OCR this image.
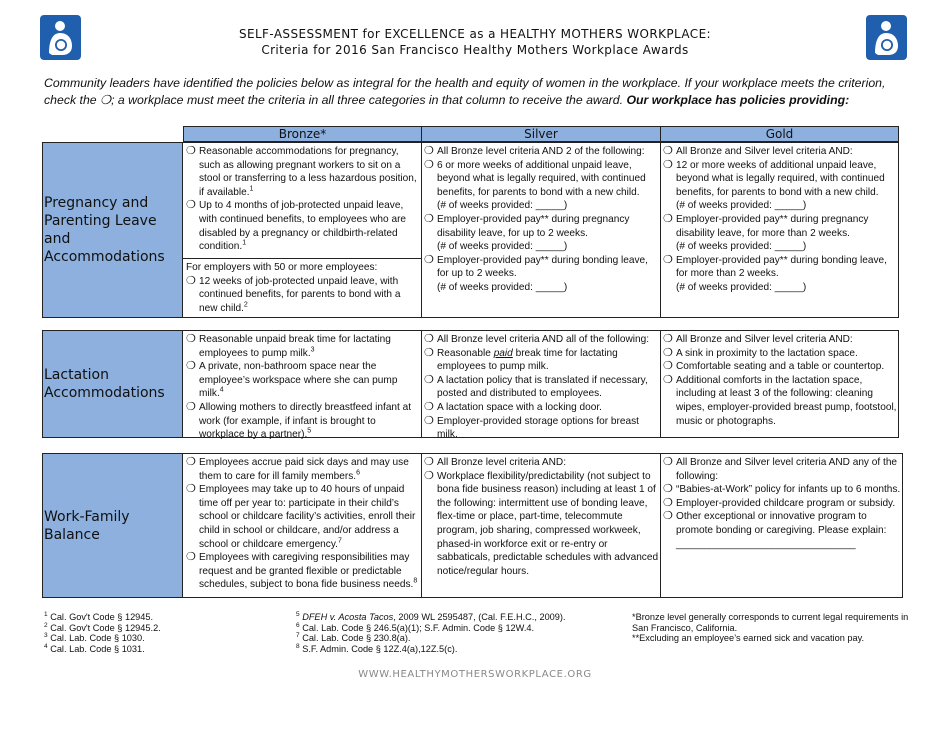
SELF-ASSESSMENT for EXCELLENCE as a HEALTHY MOTHERS WORKPLACE:
Criteria for 2016 San Francisco Healthy Mothers Workplace Awards
Community leaders have identified the policies below as integral for the health and equity of women in the workplace. If your workplace meets the criterion, check the ❍; a workplace must meet the criteria in all three categories in that column to receive the award. Our workplace has policies providing:
Bronze*	Silver	Gold
Pregnancy and Parenting Leave and Accommodations
❍ Reasonable accommodations for pregnancy, such as allowing pregnant workers to sit on a stool or transferring to a less hazardous position, if available.$^1$
❍ Up to 4 months of job-protected unpaid leave, with continued benefits, to employees who are disabled by a pregnancy or childbirth-related condition.$^1$
For employers with 50 or more employees:
❍ 12 weeks of job-protected unpaid leave, with continued benefits, for parents to bond with a new child.$^2$
❍ All Bronze level criteria AND 2 of the following:
❍ 6 or more weeks of additional unpaid leave, beyond what is legally required, with continued benefits, for parents to bond with a new child.
(# of weeks provided: _____)
❍ Employer-provided pay** during pregnancy disability leave, for up to 2 weeks.
(# of weeks provided: _____)
❍ Employer-provided pay** during bonding leave, for up to 2 weeks.
(# of weeks provided: _____)
❍ All Bronze and Silver level criteria AND:
❍ 12 or more weeks of additional unpaid leave, beyond what is legally required, with continued benefits, for parents to bond with a new child.
(# of weeks provided: _____)
❍ Employer-provided pay** during pregnancy disability leave, for more than 2 weeks.
(# of weeks provided: _____)
❍ Employer-provided pay** during bonding leave, for more than 2 weeks.
(# of weeks provided: _____)
Lactation Accommodations
❍ Reasonable unpaid break time for lactating employees to pump milk.$^3$
❍ A private, non-bathroom space near the employee’s workspace where she can pump milk.$^4$
❍ Allowing mothers to directly breastfeed infant at work (for example, if infant is brought to workplace by a partner).$^5$
❍ All Bronze level criteria AND all of the following:
❍ Reasonable paid break time for lactating employees to pump milk.
❍ A lactation policy that is translated if necessary, posted and distributed to employees.
❍ A lactation space with a locking door.
❍ Employer-provided storage options for breast milk.
❍ All Bronze and Silver level criteria AND:
❍ A sink in proximity to the lactation space.
❍ Comfortable seating and a table or countertop.
❍ Additional comforts in the lactation space, including at least 3 of the following: cleaning wipes, employer-provided breast pump, footstool, music or photographs.
Work-Family Balance
❍ Employees accrue paid sick days and may use them to care for ill family members.$^6$
❍ Employees may take up to 40 hours of unpaid time off per year to: participate in their child’s school or childcare facility’s activities, enroll their child in school or childcare, and/or address a school or childcare emergency.$^7$
❍ Employees with caregiving responsibilities may request and be granted flexible or predictable schedules, subject to bona fide business needs.$^8$
❍ All Bronze level criteria AND:
❍ Workplace flexibility/predictability (not subject to bona fide business reason) including at least 1 of the following: intermittent use of bonding leave, flex-time or place, part-time, telecommute program, job sharing, compressed workweek, phased-in workforce exit or re-entry or sabbaticals, predictable schedules with advanced notice/regular hours.
❍ All Bronze and Silver level criteria AND any of the following:
❍ “Babies-at-Work” policy for infants up to 6 months.
❍ Employer-provided childcare program or subsidy.
❍ Other exceptional or innovative program to promote bonding or caregiving. Please explain:
________________________________
$^1$ Cal. Gov't Code § 12945.
$^2$ Cal. Gov't Code § 12945.2.
$^3$ Cal. Lab. Code § 1030.
$^4$ Cal. Lab. Code § 1031.
$^5$ DFEH v. Acosta Tacos, 2009 WL 2595487, (Cal. F.E.H.C., 2009).
$^6$ Cal. Lab. Code § 246.5(a)(1); S.F. Admin. Code § 12W.4.
$^7$ Cal. Lab. Code § 230.8(a).
$^8$ S.F. Admin. Code § 12Z.4(a),12Z.5(c).
*Bronze level generally corresponds to current legal requirements in San Francisco, California.
**Excluding an employee’s earned sick and vacation pay.
WWW.HEALTHYMOTHERSWORKPLACE.ORG
